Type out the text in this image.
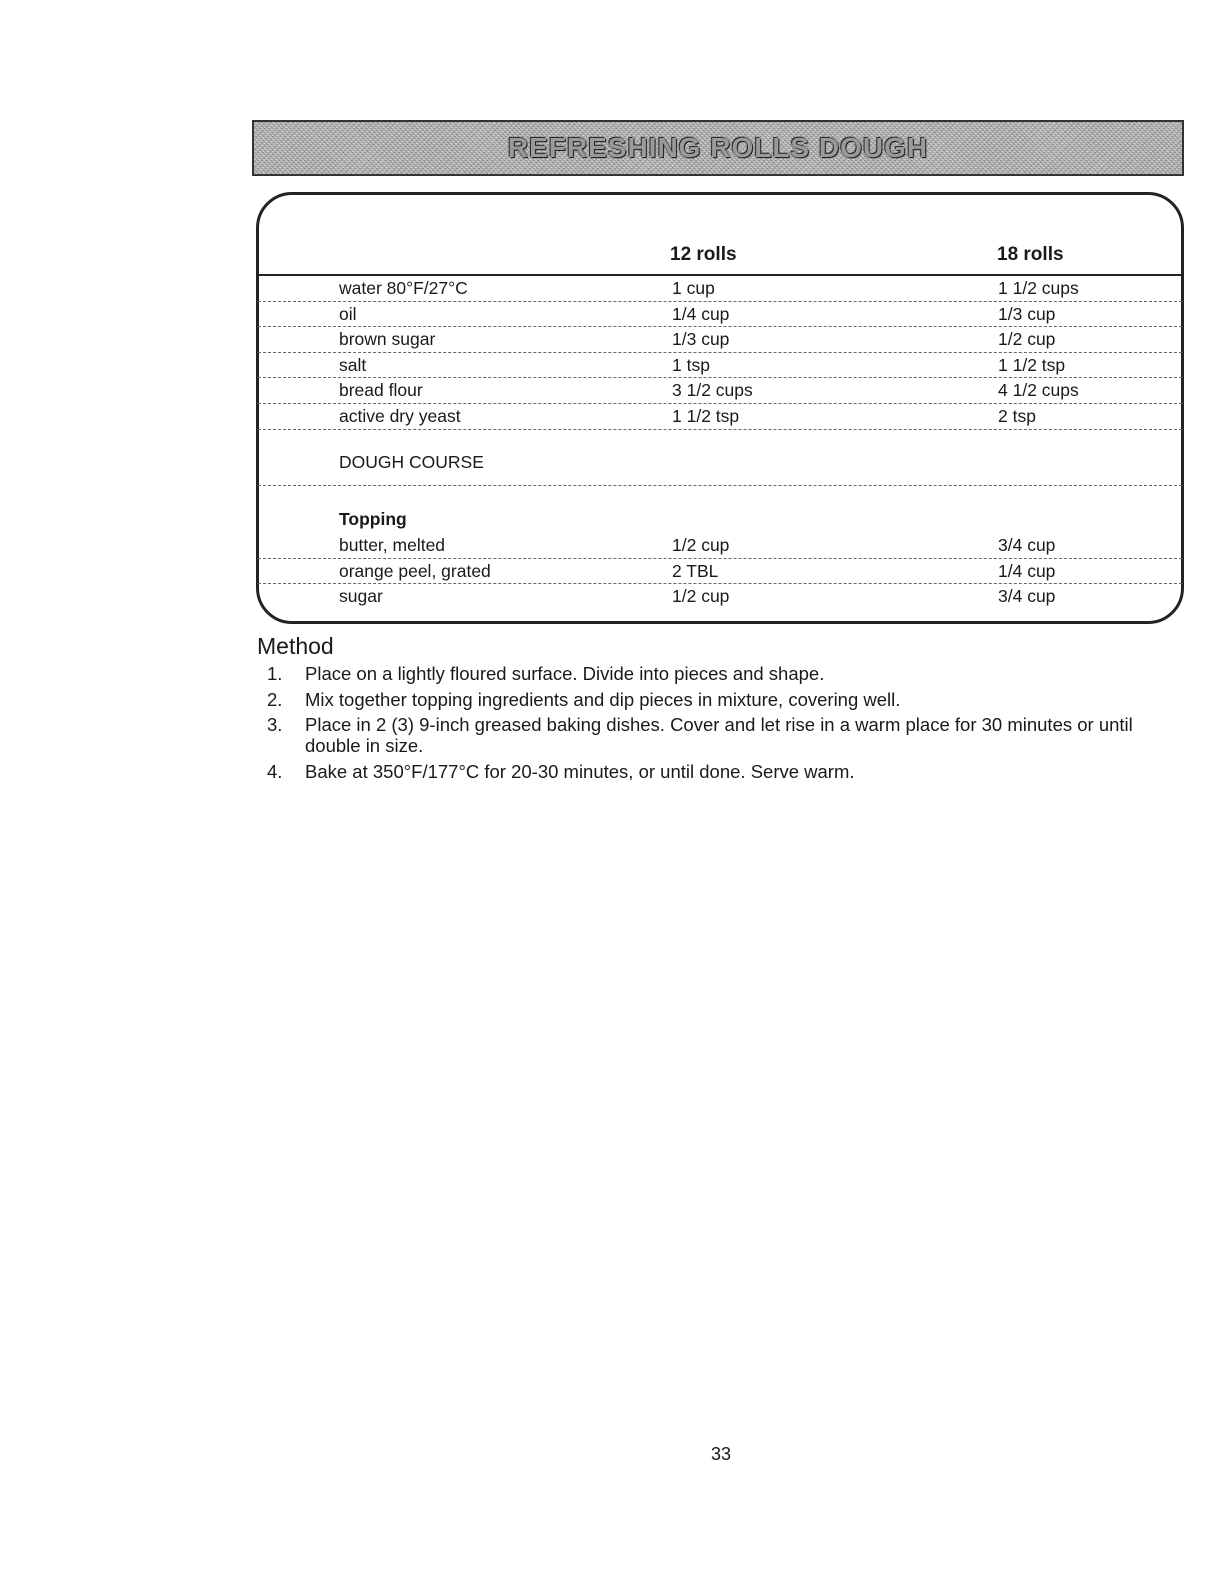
REFRESHING ROLLS DOUGH
12 rolls	18 rolls
water 80°F/27°C	1 cup	1 1/2 cups
oil	1/4 cup	1/3 cup
brown sugar	1/3 cup	1/2 cup
salt	1 tsp	1 1/2 tsp
bread flour	3 1/2 cups	4 1/2 cups
active dry yeast	1 1/2 tsp	2 tsp
DOUGH COURSE
Topping
butter, melted	1/2 cup	3/4 cup
orange peel, grated	2 TBL	1/4 cup
sugar	1/2 cup	3/4 cup
Method
1. Place on a lightly floured surface. Divide into pieces and shape.
2. Mix together topping ingredients and dip pieces in mixture, covering well.
3. Place in 2 (3) 9-inch greased baking dishes. Cover and let rise in a warm place for 30 minutes or until double in size.
4. Bake at 350°F/177°C for 20-30 minutes, or until done. Serve warm.
33
